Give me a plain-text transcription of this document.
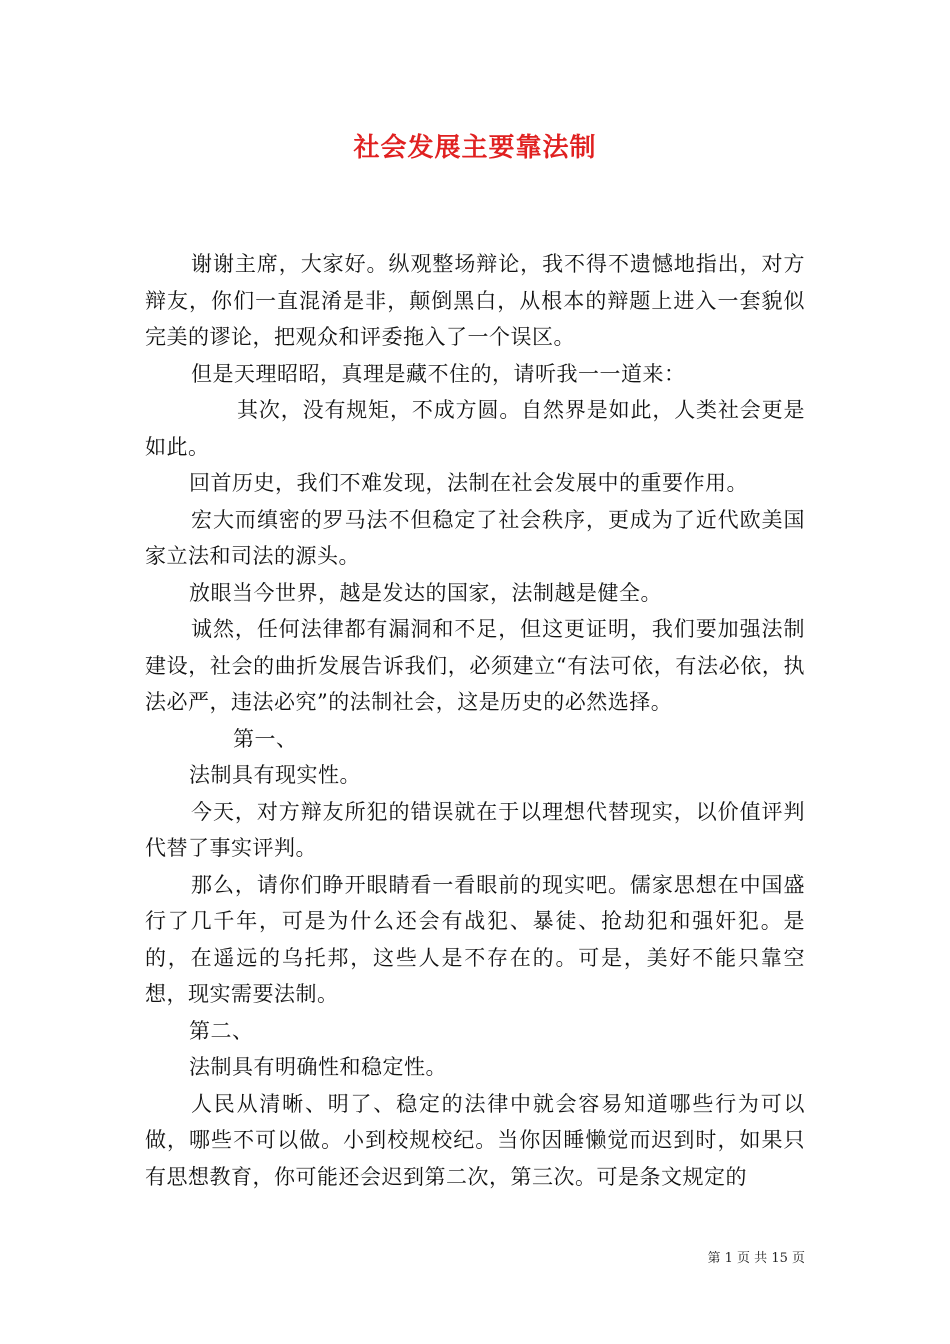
社会发展主要靠法制

谢谢主席，大家好。纵观整场辩论，我不得不遗憾地指出，对方辩友，你们一直混淆是非，颠倒黑白，从根本的辩题上进入一套貌似完美的谬论，把观众和评委拖入了一个误区。

但是天理昭昭，真理是藏不住的，请听我一一道来：

其次，没有规矩，不成方圆。自然界是如此，人类社会更是如此。

回首历史，我们不难发现，法制在社会发展中的重要作用。

宏大而缜密的罗马法不但稳定了社会秩序，更成为了近代欧美国家立法和司法的源头。

放眼当今世界，越是发达的国家，法制越是健全。

诚然，任何法律都有漏洞和不足，但这更证明，我们要加强法制建设，社会的曲折发展告诉我们，必须建立“有法可依，有法必依，执法必严，违法必究”的法制社会，这是历史的必然选择。

第一、

法制具有现实性。

今天，对方辩友所犯的错误就在于以理想代替现实，以价值评判代替了事实评判。

那么，请你们睁开眼睛看一看眼前的现实吧。儒家思想在中国盛行了几千年，可是为什么还会有战犯、暴徒、抢劫犯和强奸犯。是的，在遥远的乌托邦，这些人是不存在的。可是，美好不能只靠空想，现实需要法制。

第二、

法制具有明确性和稳定性。

人民从清晰、明了、稳定的法律中就会容易知道哪些行为可以做，哪些不可以做。小到校规校纪。当你因睡懒觉而迟到时，如果只有思想教育，你可能还会迟到第二次，第三次。可是条文规定的

第 1 页 共 15 页
